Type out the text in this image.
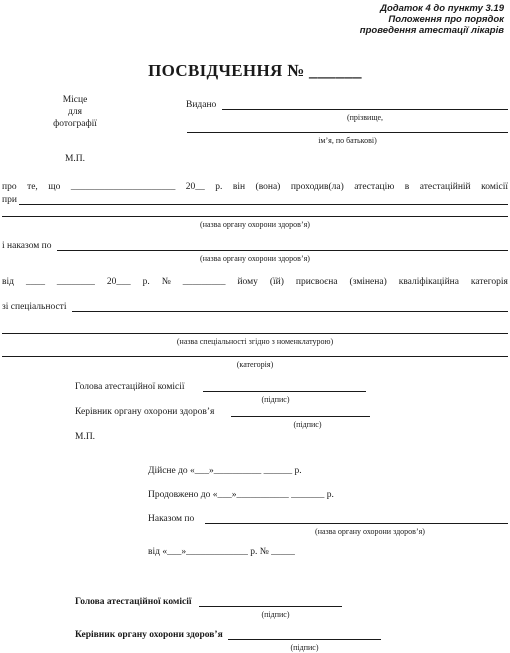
Додаток 4 до пункту 3.19
Положення про порядок
проведення атестації лікарів
ПОСВІДЧЕННЯ № ______
Місце
для
фотографії
М.П.
Видано
(прізвище,
ім’я, по батькові)
про те, що ______________________ 20__ р. він (вона) проходив(ла) атестацію в атестаційній комісії
при
(назва органу охорони здоров’я)
і наказом по
(назва органу охорони здоров’я)
від ____ ________ 20___ р. № _________ йому (їй) присвоєна (змінена) кваліфікаційна категорія
зі спеціальності
(назва спеціальності згідно з номенклатурою)
(категорія)
Голова атестаційної комісії
(підпис)
Керівник органу охорони здоров’я
(підпис)
М.П.
Дійсне до «___»__________ ______ р.
Продовжено до «___»___________ _______ р.
Наказом по
(назва органу охорони здоров’я)
від «___»_____________ р. № _____
Голова атестаційної комісії
(підпис)
Керівник органу охорони здоров’я
(підпис)
